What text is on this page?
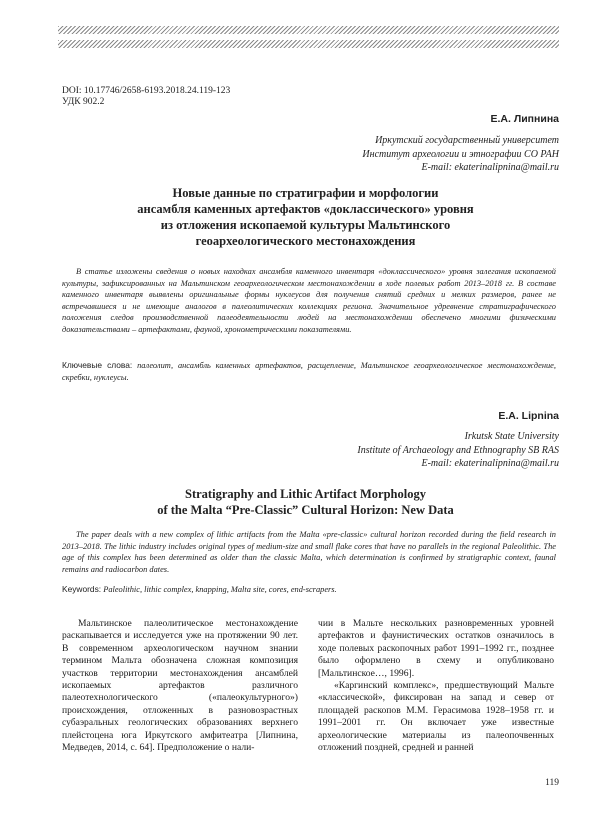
DOI: 10.17746/2658-6193.2018.24.119-123
УДК 902.2
Е.А. Липнина
Иркутский государственный университет
Институт археологии и этнографии СО РАН
E-mail: ekaterinalipnina@mail.ru
Новые данные по стратиграфии и морфологии
ансамбля каменных артефактов «доклассического» уровня
из отложения ископаемой культуры Мальтинского
геоархеологического местонахождения

В статье изложены сведения о новых находках ансамбля каменного инвентаря «доклассического» уровня залегания ископаемой культуры, зафиксированных на Мальтинском геоархеологическом местонахождении в ходе полевых работ 2013–2018 гг. В составе каменного инвентаря выявлены оригинальные формы нуклеусов для получения снятий средних и мелких размеров, ранее не встречавшиеся и не имеющие аналогов в палеолитических коллекциях региона. Значительное удревнение стратиграфического положения следов производственной палеодеятельности людей на местонахождении обеспечено многими физическими доказательствами – артефактами, фауной, хронометрическими показателями.

Ключевые слова: палеолит, ансамбль каменных артефактов, расщепление, Мальтинское геоархеологическое местонахождение, скребки, нуклеусы.
E.A. Lipnina
Irkutsk State University
Institute of Archaeology and Ethnography SB RAS
E-mail: ekaterinalipnina@mail.ru
Stratigraphy and Lithic Artifact Morphology
of the Malta “Pre-Classic” Cultural Horizon: New Data

The paper deals with a new complex of lithic artifacts from the Malta «pre-classic» cultural horizon recorded during the field research in 2013–2018. The lithic industry includes original types of medium-size and small flake cores that have no parallels in the regional Paleolithic. The age of this complex has been determined as older than the classic Malta, which determination is confirmed by stratigraphic context, faunal remains and radiocarbon dates.

Keywords: Paleolithic, lithic complex, knapping, Malta site, cores, end-scrapers.

Мальтинское палеолитическое местонахождение раскапывается и исследуется уже на протяжении 90 лет. В современном археологическом научном знании термином Мальта обозначена сложная композиция участков территории местонахождения ансамблей ископаемых артефактов различного палеотехнологического («палеокультурного») происхождения, отложенных в разновозрастных субаэральных геологических образованиях верхнего плейстоцена юга Иркутского амфитеатра [Липнина, Медведев, 2014, с. 64]. Предположение о нали-

чии в Мальте нескольких разновременных уровней артефактов и фаунистических остатков означилось в ходе полевых раскопочных работ 1991–1992 гг., позднее было оформлено в схему и опубликовано [Мальтинское…, 1996].

«Каргинский комплекс», предшествующий Мальте «классической», фиксирован на запад и север от площадей раскопов М.М. Герасимова 1928–1958 гг. и 1991–2001 гг. Он включает уже известные археологические материалы из палеопочвенных отложений поздней, средней и ранней

119
